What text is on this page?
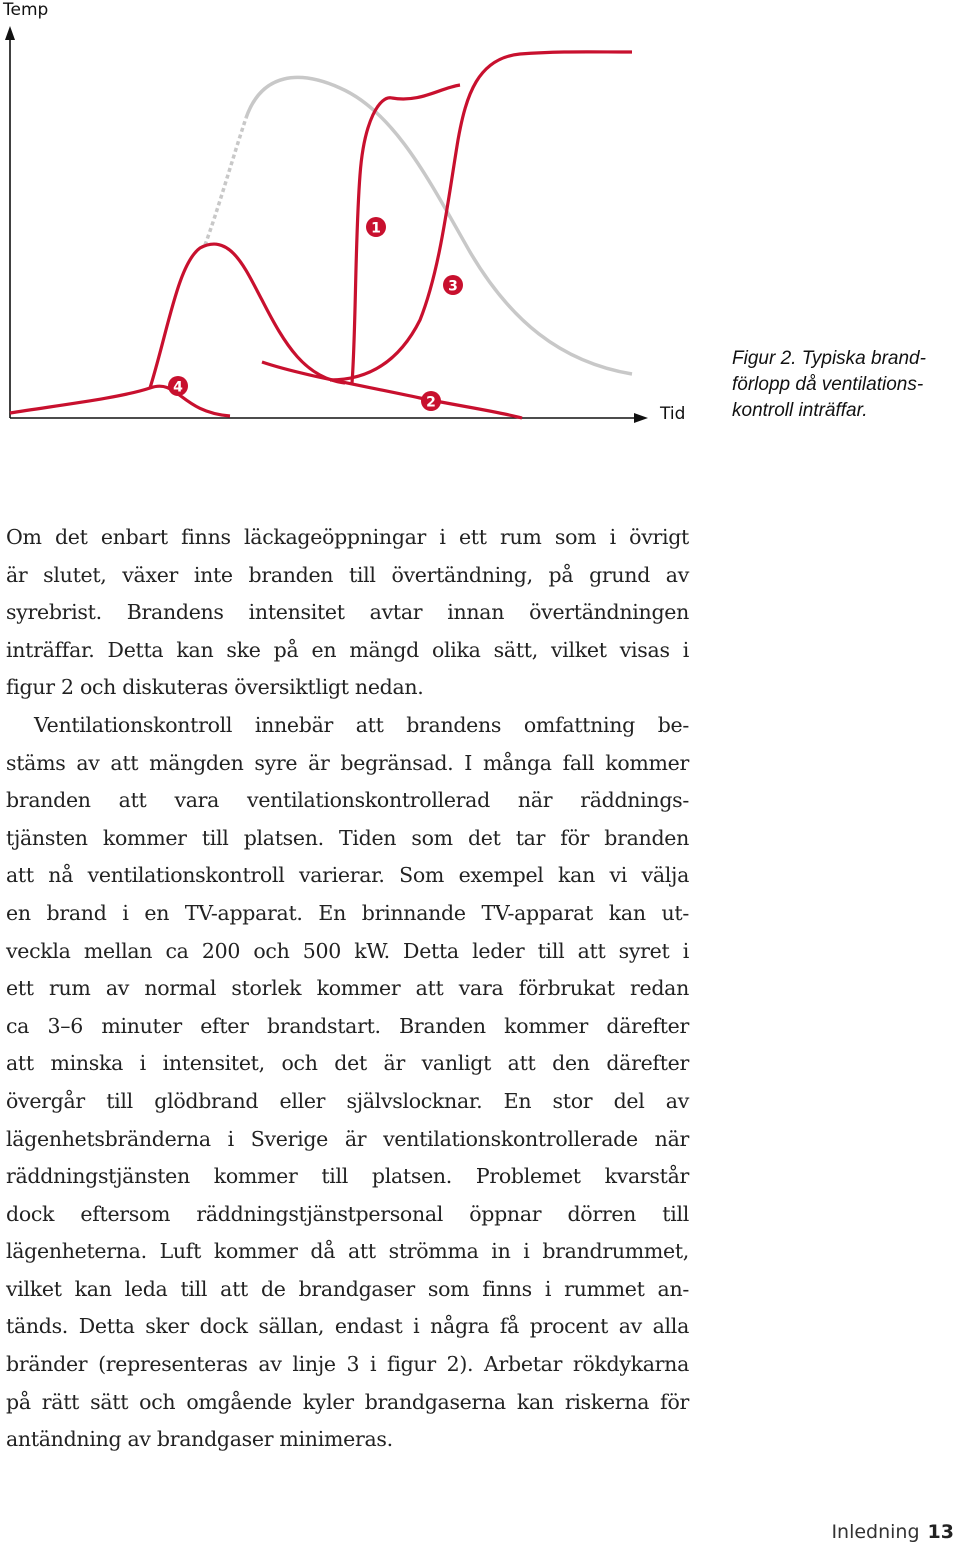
1
2
3
4
Temp
Tid
Figur 2. Typiska brand-
förlopp då ventilations-
kontroll inträffar.
Om det enbart finns läckageöppningar i ett rum som i övrigt
är slutet, växer inte branden till övertändning, på grund av
syrebrist. Brandens intensitet avtar innan övertändningen
inträffar. Detta kan ske på en mängd olika sätt, vilket visas i
figur 2 och diskuteras översiktligt nedan.
Ventilationskontroll innebär att brandens omfattning be-
stäms av att mängden syre är begränsad. I många fall kommer
branden att vara ventilationskontrollerad när räddnings-
tjänsten kommer till platsen. Tiden som det tar för branden
att nå ventilationskontroll varierar. Som exempel kan vi välja
en brand i en TV-apparat. En brinnande TV-apparat kan ut-
veckla mellan ca 200 och 500 kW. Detta leder till att syret i
ett rum av normal storlek kommer att vara förbrukat redan
ca 3–6 minuter efter brandstart. Branden kommer därefter
att minska i intensitet, och det är vanligt att den därefter
övergår till glödbrand eller självslocknar. En stor del av
lägenhetsbränderna i Sverige är ventilationskontrollerade när
räddningstjänsten kommer till platsen. Problemet kvarstår
dock eftersom räddningstjänstpersonal öppnar dörren till
lägenheterna. Luft kommer då att strömma in i brandrummet,
vilket kan leda till att de brandgaser som finns i rummet an-
tänds. Detta sker dock sällan, endast i några få procent av alla
bränder (representeras av linje 3 i figur 2). Arbetar rökdykarna
på rätt sätt och omgående kyler brandgaserna kan riskerna för
antändning av brandgaser minimeras.
Inledning 13
